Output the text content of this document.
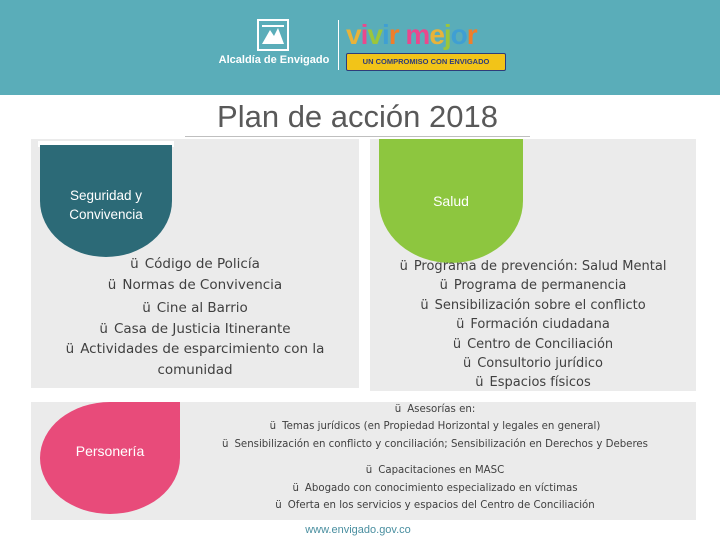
Alcaldía de Envigado
vivir mejor
UN COMPROMISO CON ENVIGADO
Plan de acción 2018
Seguridad y
Convivencia
Salud
Personería
ü Código de Policía
ü Normas de Convivencia
ü Cine al Barrio
ü Casa de Justicia Itinerante
ü Actividades de esparcimiento con la
comunidad
ü Programa de prevención: Salud Mental
ü Programa de permanencia
ü Sensibilización sobre el conflicto
ü Formación ciudadana
ü Centro de Conciliación
ü Consultorio jurídico
ü Espacios físicos
ü Asesorías en:
ü Temas jurídicos (en Propiedad Horizontal y legales en general)
ü Sensibilización en conflicto y conciliación; Sensibilización en Derechos y Deberes
ü Capacitaciones en MASC
ü Abogado con conocimiento especializado en víctimas
ü Oferta en los servicios y espacios del Centro de Conciliación
www.envigado.gov.co
